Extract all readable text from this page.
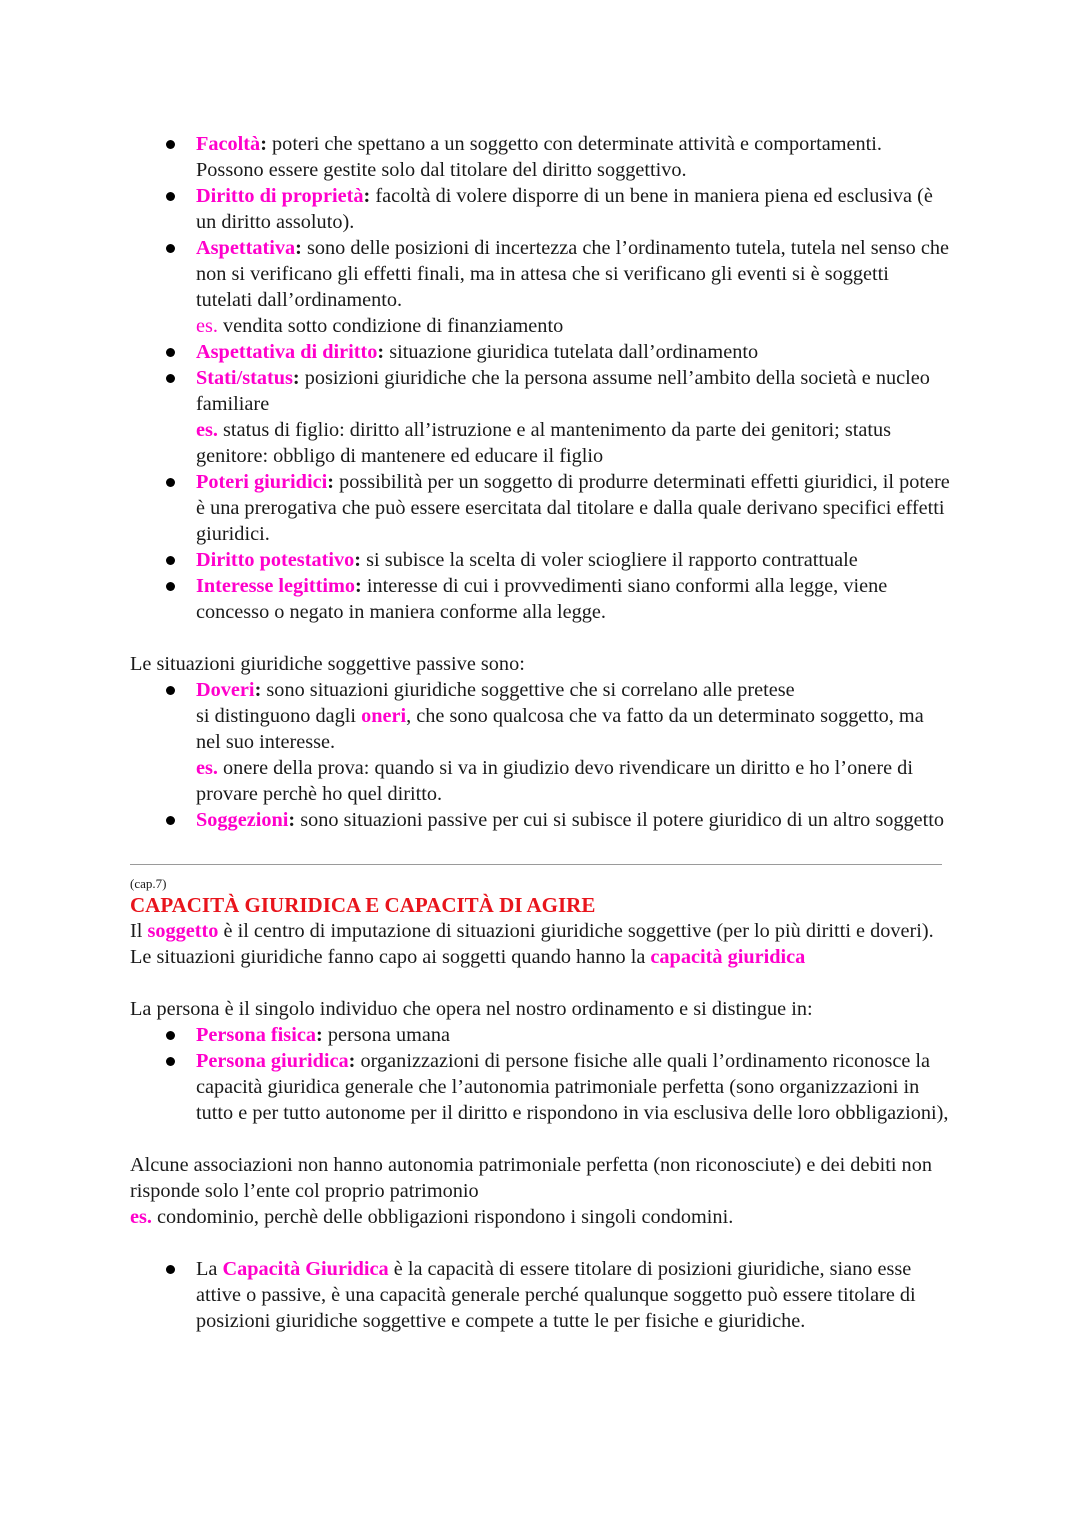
Facoltà: poteri che spettano a un soggetto con determinate attività e comportamenti. Possono essere gestite solo dal titolare del diritto soggettivo.
Diritto di proprietà: facoltà di volere disporre di un bene in maniera piena ed esclusiva (è un diritto assoluto).
Aspettativa: sono delle posizioni di incertezza che l’ordinamento tutela, tutela nel senso che non si verificano gli effetti finali, ma in attesa che si verificano gli eventi si è soggetti tutelati dall’ordinamento.
es. vendita sotto condizione di finanziamento
Aspettativa di diritto: situazione giuridica tutelata dall’ordinamento
Stati/status: posizioni giuridiche che la persona assume nell’ambito della società e nucleo familiare
es. status di figlio: diritto all’istruzione e al mantenimento da parte dei genitori; status genitore: obbligo di mantenere ed educare il figlio
Poteri giuridici: possibilità per un soggetto di produrre determinati effetti giuridici, il potere è una prerogativa che può essere esercitata dal titolare e dalla quale derivano specifici effetti giuridici.
Diritto potestativo: si subisce la scelta di voler sciogliere il rapporto contrattuale
Interesse legittimo: interesse di cui i provvedimenti siano conformi alla legge, viene concesso o negato in maniera conforme alla legge.
Le situazioni giuridiche soggettive passive sono:
Doveri: sono situazioni giuridiche soggettive che si correlano alle pretese
si distinguono dagli oneri, che sono qualcosa che va fatto da un determinato soggetto, ma nel suo interesse.
es. onere della prova: quando si va in giudizio devo rivendicare un diritto e ho l’onere di provare perchè ho quel diritto.
Soggezioni: sono situazioni passive per cui si subisce il potere giuridico di un altro soggetto
(cap.7)
CAPACITÀ GIURIDICA E CAPACITÀ DI AGIRE
Il soggetto è il centro di imputazione di situazioni giuridiche soggettive (per lo più diritti e doveri). Le situazioni giuridiche fanno capo ai soggetti quando hanno la capacità giuridica
La persona è il singolo individuo che opera nel nostro ordinamento e si distingue in:
Persona fisica: persona umana
Persona giuridica: organizzazioni di persone fisiche alle quali l’ordinamento riconosce la capacità giuridica generale che l’autonomia patrimoniale perfetta (sono organizzazioni in tutto e per tutto autonome per il diritto e rispondono in via esclusiva delle loro obbligazioni),
Alcune associazioni non hanno autonomia patrimoniale perfetta (non riconosciute) e dei debiti non risponde solo l’ente col proprio patrimonio
es. condominio, perchè delle obbligazioni rispondono i singoli condomini.
La Capacità Giuridica è la capacità di essere titolare di posizioni giuridiche, siano esse attive o passive, è una capacità generale perché qualunque soggetto può essere titolare di posizioni giuridiche soggettive e compete a tutte le per fisiche e giuridiche.
